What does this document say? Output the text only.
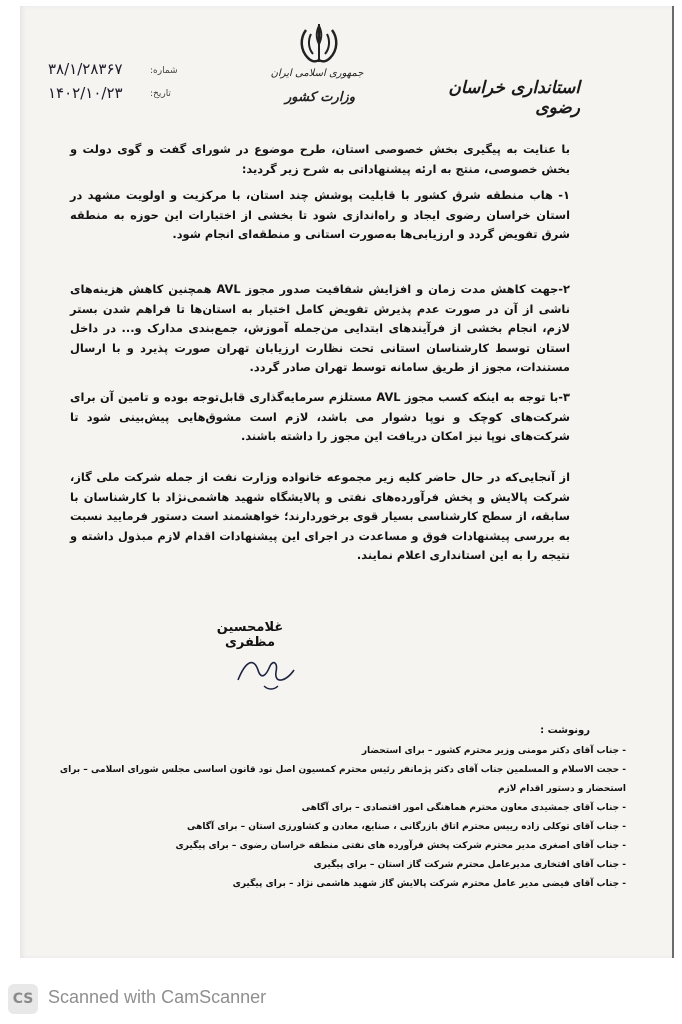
۳۸/۱/۲۸۳۶۷	شماره:
۱۴۰۲/۱۰/۲۳	تاریخ:
جمهوری اسلامی ایران
وزارت کشور	استانداری خراسان رضوی
با عنایت به پیگیری بخش خصوصی استان، طرح موضوع در شورای گفت و گوی دولت و بخش خصوصی، منتج به ارئه پیشنهاداتی به شرح زیر گردید:
۱- هاب منطقه شرق کشور با قابلیت پوشش چند استان، با مرکزیت و اولویت مشهد در استان خراسان رضوی ایجاد و راه‌اندازی شود تا بخشی از اختیارات این حوزه به منطقه شرق تفویض گردد و ارزیابی‌ها به‌صورت استانی و منطقه‌ای انجام شود.
۲-جهت کاهش مدت زمان و افزایش شفافیت صدور مجوز AVL همچنین کاهش هزینه‌های ناشی از آن در صورت عدم پذیرش تفویض کامل اختیار به استان‌ها تا فراهم شدن بستر لازم، انجام بخشی از فرآیندهای ابتدایی من‌جمله آموزش، جمع‌بندی مدارک و... در داخل استان توسط کارشناسان استانی تحت نظارت ارزیابان تهران صورت پذیرد و با ارسال مستندات، مجوز از طریق سامانه توسط تهران صادر گردد.
۳-با توجه به اینکه کسب مجوز AVL مستلزم سرمایه‌گذاری قابل‌توجه بوده و تامین آن برای شرکت‌های کوچک و نوپا دشوار می باشد، لازم است مشوق‌هایی پیش‌بینی شود تا شرکت‌های نوپا نیز امکان دریافت این مجوز را داشته باشند.
از آنجایی‌که در حال حاضر کلیه زیر مجموعه خانواده وزارت نفت از جمله شرکت ملی گاز، شرکت پالایش و پخش فرآورده‌های نفتی و پالایشگاه شهید هاشمی‌نژاد با کارشناسان با سابقه، از سطح کارشناسی بسیار قوی برخوردارند؛ خواهشمند است دستور فرمایید نسبت به بررسی پیشنهادات فوق و مساعدت در اجرای این پیشنهادات اقدام لازم مبذول داشته و نتیجه را به این استانداری اعلام نمایند.
غلامحسین مظفری
رونوشت :
- جناب آقای دکتر مومنی وزیر محترم کشور – برای استحضار
- حجت الاسلام و المسلمین جناب آقای دکتر پژمانفر رئیس محترم کمسیون اصل نود قانون اساسی مجلس شورای اسلامی – برای استحضار و دستور اقدام لازم
- جناب آقای جمشیدی معاون محترم هماهنگی امور اقتصادی – برای آگاهی
- جناب آقای توکلی زاده رییس محترم اتاق بازرگانی ، صنایع، معادن و کشاورزی استان – برای آگاهی
- جناب آقای اصغری مدیر محترم شرکت پخش فرآورده های نفتی منطقه خراسان رضوی – برای پیگیری
- جناب آقای افتخاری مدیرعامل محترم شرکت گاز استان – برای پیگیری
- جناب آقای فیضی مدیر عامل محترم شرکت پالایش گاز شهید هاشمی نژاد – برای پیگیری
CS Scanned with CamScanner
